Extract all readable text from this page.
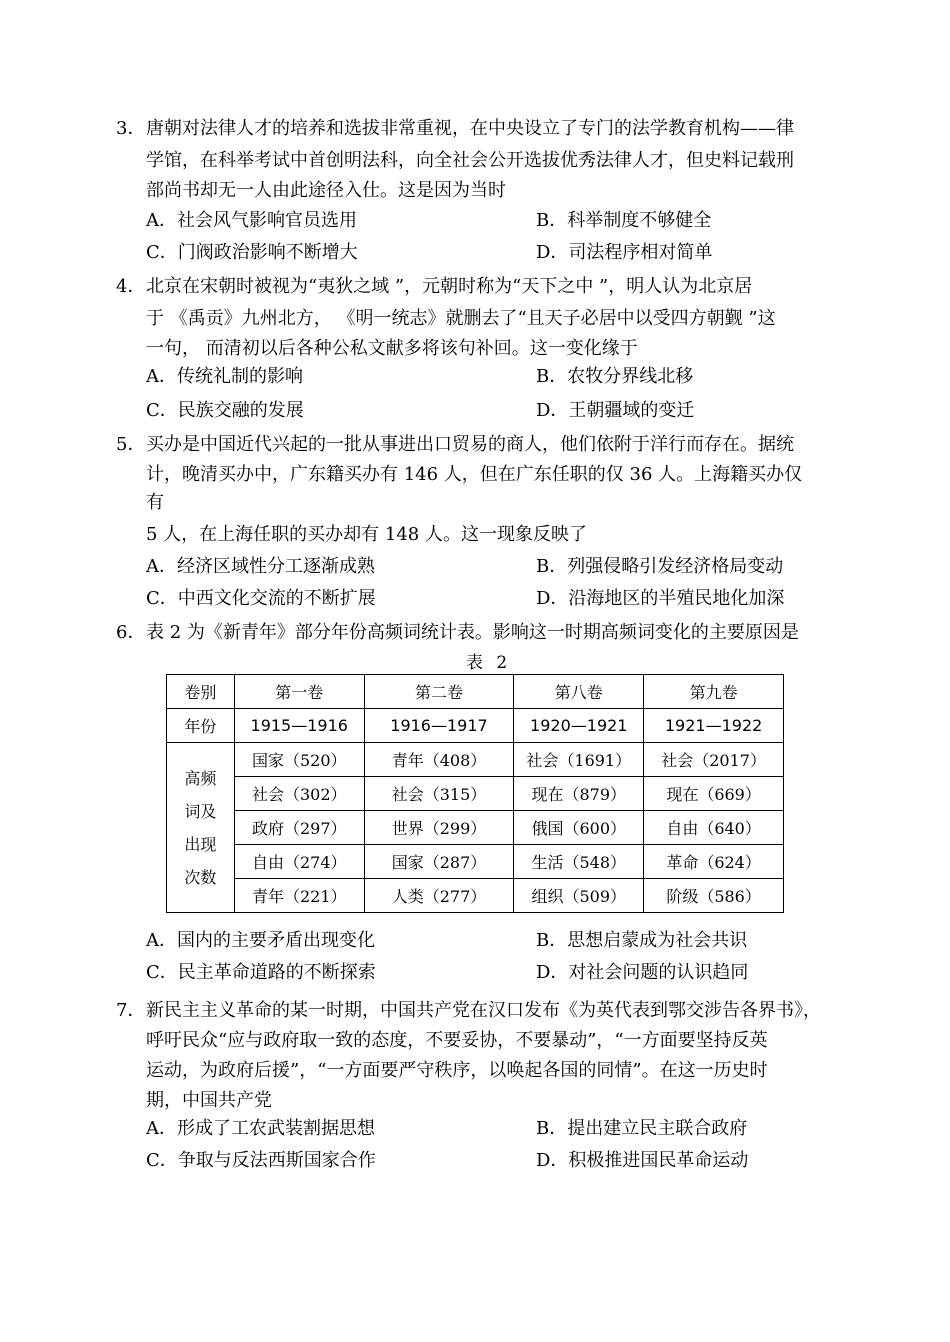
3． 唐朝对法律人才的培养和选拔非常重视，在中央设立了专门的法学教育机构——律
学馆，在科举考试中首创明法科，向全社会公开选拔优秀法律人才，但史料记载刑
部尚书却无一人由此途径入仕。这是因为当时
A．社会风气影响官员选用	B．科举制度不够健全
C．门阀政治影响不断增大	D．司法程序相对简单
4． 北京在宋朝时被视为“夷狄之域 ”，元朝时称为“天下之中 ”，明人认为北京居
于 《禹贡》九州北方， 《明一统志》就删去了“且天子必居中以受四方朝觐 ”这
一句， 而清初以后各种公私文献多将该句补回。这一变化缘于
A．传统礼制的影响	B．农牧分界线北移
C．民族交融的发展	D．王朝疆域的变迁
5． 买办是中国近代兴起的一批从事进出口贸易的商人，他们依附于洋行而存在。据统
计，晚清买办中，广东籍买办有 146 人，但在广东任职的仅 36 人。上海籍买办仅
有
5 人，在上海任职的买办却有 148 人。这一现象反映了
A．经济区域性分工逐渐成熟	B．列强侵略引发经济格局变动
C．中西文化交流的不断扩展	D．沿海地区的半殖民地化加深
6． 表 2 为《新青年》部分年份高频词统计表。影响这一时期高频词变化的主要原因是
表 2
卷别	第一卷	第二卷	第八卷	第九卷
年份	1915—1916	1916—1917	1920—1921	1921—1922

高频
词及
出现
次数	国家（520）	青年（408）	社会（1691）	社会（2017）
	社会（302）	社会（315）	现在（879）	现在（669）
	政府（297）	世界（299）	俄国（600）	自由（640）
	自由（274）	国家（287）	生活（548）	革命（624）
	青年（221）	人类（277）	组织（509）	阶级（586）
A．国内的主要矛盾出现变化	B．思想启蒙成为社会共识
C．民主革命道路的不断探索	D．对社会问题的认识趋同
7． 新民主主义革命的某一时期，中国共产党在汉口发布《为英代表到鄂交涉告各界书》，
呼吁民众“应与政府取一致的态度，不要妥协，不要暴动”，“一方面要坚持反英
运动，为政府后援”，“一方面要严守秩序，以唤起各国的同情”。在这一历史时
期，中国共产党
A．形成了工农武装割据思想	B．提出建立民主联合政府
C．争取与反法西斯国家合作	D．积极推进国民革命运动
